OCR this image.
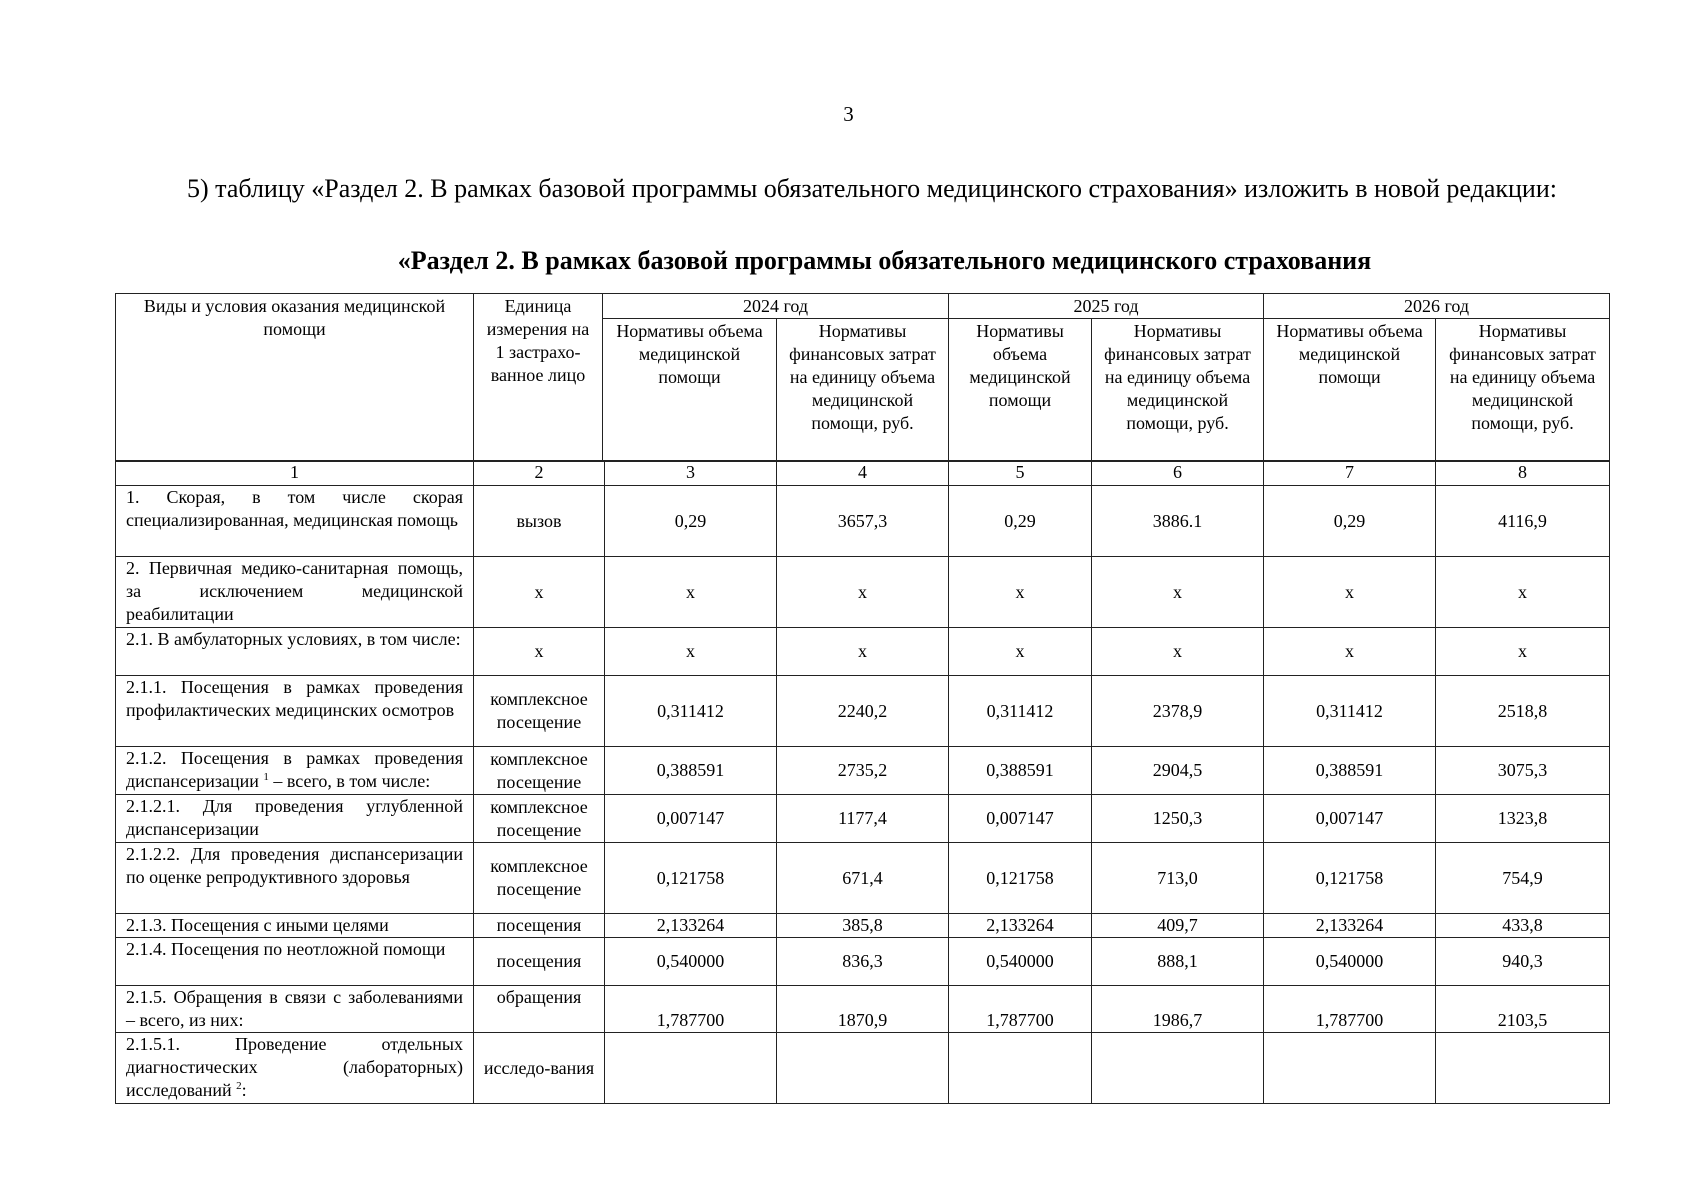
3
5) таблицу «Раздел 2. В рамках базовой программы обязательного медицинского страхования» изложить в новой редакции:
«Раздел 2. В рамках базовой программы обязательного медицинского страхования
Виды и условия оказания медицинской помощи	Единица измерения на 1 застрахо-ванное лицо	2024 год		2025 год		2026 год	
		Нормативы объема медицинской помощи	Нормативы финансовых затрат на единицу объема медицинской помощи, руб.	Нормативы объема медицинской помощи	Нормативы финансовых затрат на единицу объема медицинской помощи, руб.	Нормативы объема медицинской помощи	Нормативы финансовых затрат на единицу объема медицинской помощи, руб.
1	2	3	4	5	6	7	8
1. Скорая, в том числе скорая специализированная, медицинская помощь	вызов	0,29	3657,3	0,29	3886.1	0,29	4116,9
2. Первичная медико-санитарная помощь, за исключением медицинской реабилитации	х	х	х	х	х	х	х
2.1. В амбулаторных условиях, в том числе:	х	х	х	х	х	х	х
2.1.1. Посещения в рамках проведения профилактических медицинских осмотров	комплексное посещение	0,311412	2240,2	0,311412	2378,9	0,311412	2518,8
2.1.2. Посещения в рамках проведения диспансеризации $^1$ – всего, в том числе:	комплексное посещение	0,388591	2735,2	0,388591	2904,5	0,388591	3075,3
2.1.2.1. Для проведения углубленной диспансеризации	комплексное посещение	0,007147	1177,4	0,007147	1250,3	0,007147	1323,8
2.1.2.2. Для проведения диспансеризации по оценке репродуктивного здоровья	комплексное посещение	0,121758	671,4	0,121758	713,0	0,121758	754,9
2.1.3. Посещения с иными целями	посещения	2,133264	385,8	2,133264	409,7	2,133264	433,8
2.1.4. Посещения по неотложной помощи	посещения	0,540000	836,3	0,540000	888,1	0,540000	940,3
2.1.5. Обращения в связи с заболеваниями – всего, из них:	обращения	1,787700	1870,9	1,787700	1986,7	1,787700	2103,5
2.1.5.1. Проведение отдельных диагностических (лабораторных) исследований $^2$:	исследо-вания						
